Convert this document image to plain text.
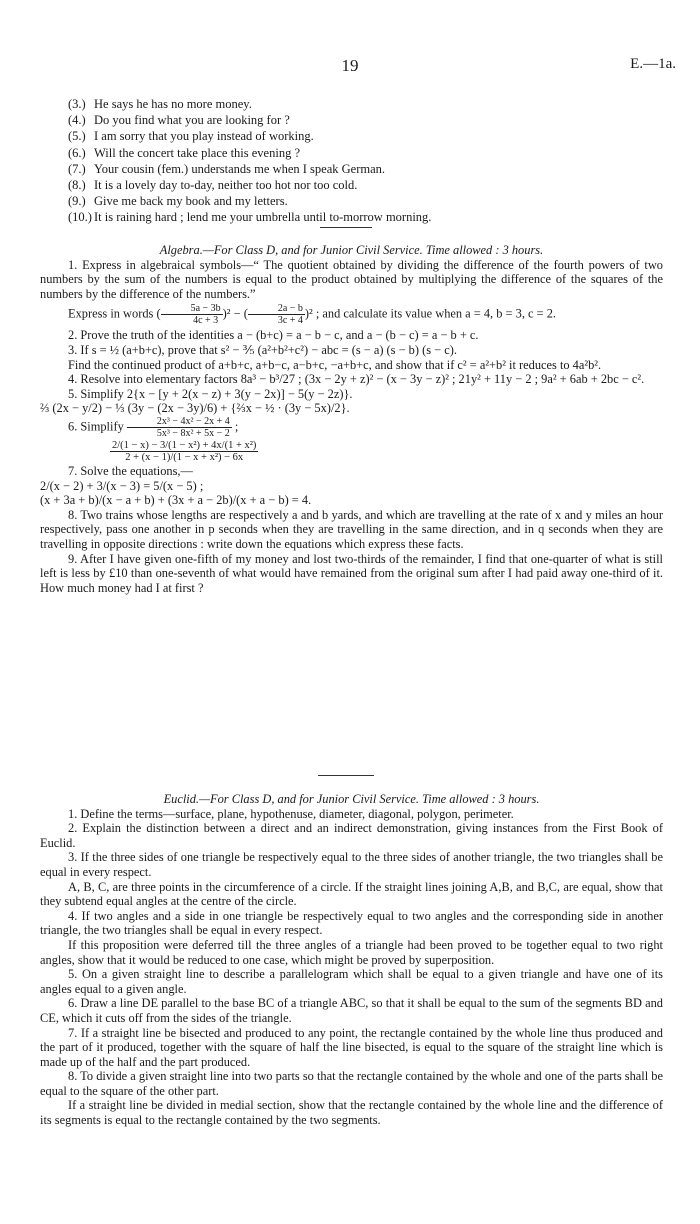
19	E.—1a.
(3.) He says he has no more money.
(4.) Do you find what you are looking for ?
(5.) I am sorry that you play instead of working.
(6.) Will the concert take place this evening ?
(7.) Your cousin (fem.) understands me when I speak German.
(8.) It is a lovely day to-day, neither too hot nor too cold.
(9.) Give me back my book and my letters.
(10.) It is raining hard ; lend me your umbrella until to-morrow morning.

Algebra.—For Class D, and for Junior Civil Service. Time allowed : 3 hours.

1. Express in algebraical symbols—“ The quotient obtained by dividing the difference of the fourth powers of two numbers by the sum of the numbers is equal to the product obtained by multiplying the difference of the squares of the numbers by the difference of the numbers.”

Express in words ( $\frac{5a - 3b}{4c + 3} )^2$ − ( $\frac{2a - b}{3c + 4} )^2$ ; and calculate its value when a = 4, b = 3, c = 2.

2. Prove the truth of the identities a − (b+c) = a − b − c, and a − (b − c) = a − b + c.

3. If s = ½ (a+b+c), prove that s² − ⅗ (a²+b²+c²) − abc = (s − a) (s − b) (s − c).

Find the continued product of a+b+c, a+b−c, a−b+c, −a+b+c, and show that if c² = a²+b² it reduces to 4a²b².

4. Resolve into elementary factors 8a³ − b³/27 ; (3x − 2y + z)² − (x − 3y − z)² ; 21y² + 11y − 2 ; 9a² + 6ab + 2bc − c².

5. Simplify 2{x − [y + 2(x − z) + 3(y − 2x)] − 5(y − 2z)}.

⅔ (2x − y/2) − ⅓ (3y − (2x − 3y)/6) + {⅔x − ½ · (3y − 5x)/2}.

6. Simplify $\frac{\text{2x³ − 4x² − 2x + 4}}{\text{5x³ − 8x² + 5x − 2}}$ ;

$\frac{\text{2/(1 − x) − 3/(1 − x²) + 4x/(1 + x²)}}{\text{2 + (x − 1)/(1 − x + x²) − 6x}}$

7. Solve the equations,—

2/(x − 2) + 3/(x − 3) = 5/(x − 5) ;

(x + 3a + b)/(x − a + b) + (3x + a − 2b)/(x + a − b) = 4.

8. Two trains whose lengths are respectively a and b yards, and which are travelling at the rate of x and y miles an hour respectively, pass one another in p seconds when they are travelling in the same direction, and in q seconds when they are travelling in opposite directions : write down the equations which express these facts.

9. After I have given one-fifth of my money and lost two-thirds of the remainder, I find that one-quarter of what is still left is less by £10 than one-seventh of what would have remained from the original sum after I had paid away one-third of it. How much money had I at first ?

Euclid.—For Class D, and for Junior Civil Service. Time allowed : 3 hours.

1. Define the terms—surface, plane, hypothenuse, diameter, diagonal, polygon, perimeter.

2. Explain the distinction between a direct and an indirect demonstration, giving instances from the First Book of Euclid.

3. If the three sides of one triangle be respectively equal to the three sides of another triangle, the two triangles shall be equal in every respect.

A, B, C, are three points in the circumference of a circle. If the straight lines joining A,B, and B,C, are equal, show that they subtend equal angles at the centre of the circle.

4. If two angles and a side in one triangle be respectively equal to two angles and the corresponding side in another triangle, the two triangles shall be equal in every respect.

If this proposition were deferred till the three angles of a triangle had been proved to be together equal to two right angles, show that it would be reduced to one case, which might be proved by superposition.

5. On a given straight line to describe a parallelogram which shall be equal to a given triangle and have one of its angles equal to a given angle.

6. Draw a line DE parallel to the base BC of a triangle ABC, so that it shall be equal to the sum of the segments BD and CE, which it cuts off from the sides of the triangle.

7. If a straight line be bisected and produced to any point, the rectangle contained by the whole line thus produced and the part of it produced, together with the square of half the line bisected, is equal to the square of the straight line which is made up of the half and the part produced.

8. To divide a given straight line into two parts so that the rectangle contained by the whole and one of the parts shall be equal to the square of the other part.

If a straight line be divided in medial section, show that the rectangle contained by the whole line and the difference of its segments is equal to the rectangle contained by the two segments.
